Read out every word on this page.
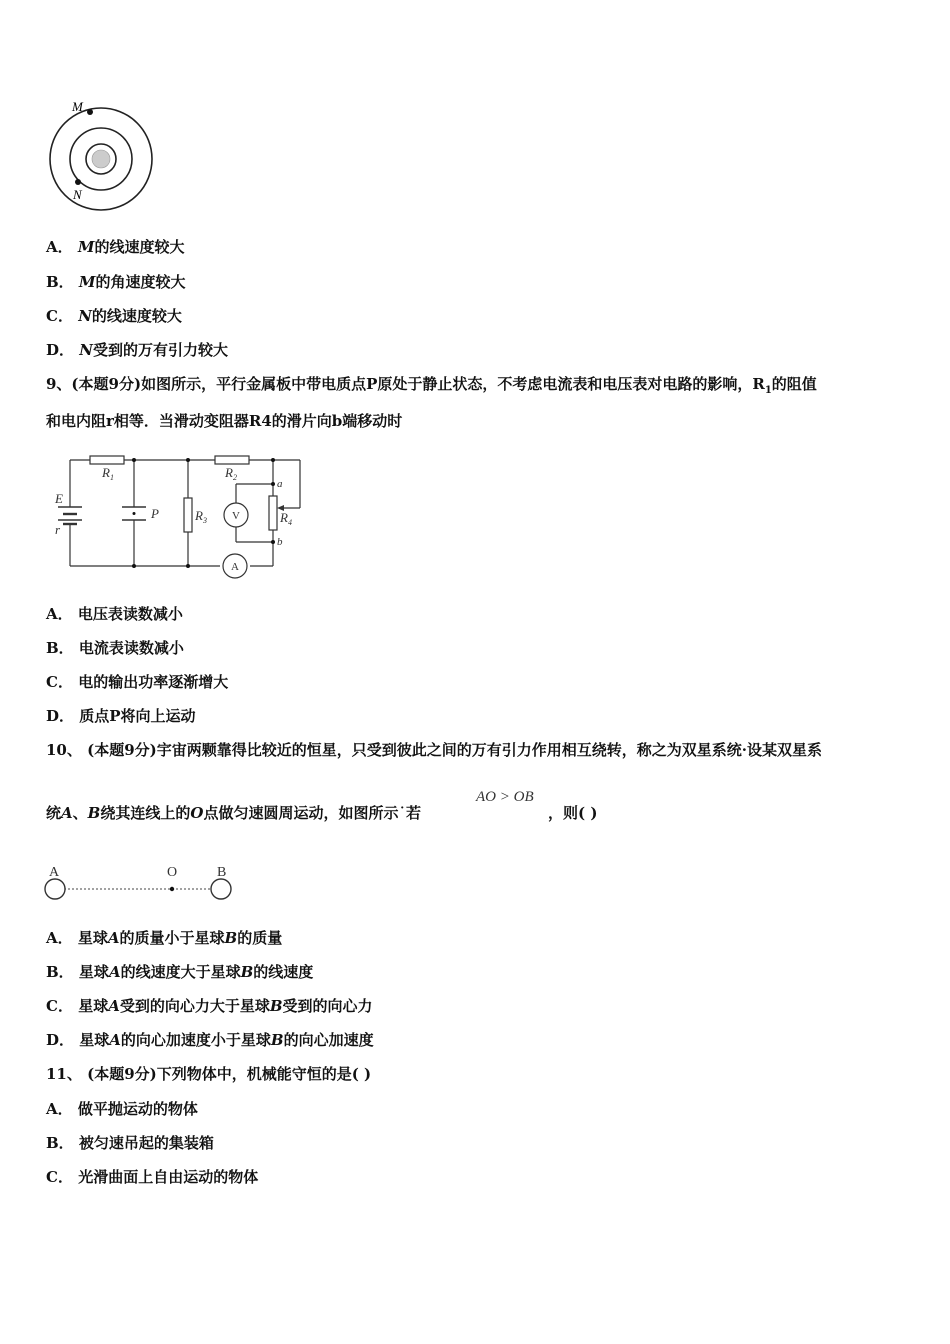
M
N
A． M的线速度较大
B． M的角速度较大
C． N的线速度较大
D． N受到的万有引力较大
9、(本题9分)如图所示，平行金属板中带电质点P原处于静止状态，不考虑电流表和电压表对电路的影响，$R_1$的阻值
和电内阻r相等．当滑动变阻器R4的滑片向b端移动时
$R_1$	$R_2$
$R_3$	$R_4$
E
r
P
a
b
V
A
A． 电压表读数减小
B． 电流表读数减小
C． 电的输出功率逐渐增大
D． 质点P将向上运动
10、 (本题9分)宇宙两颗靠得比较近的恒星，只受到彼此之间的万有引力作用相互绕转，称之为双星系统·设某双星系
统A、B绕其连线上的O点做匀速圆周运动，如图所示˙若
AO > OB
，则( )
A	O	B
A． 星球A的质量小于星球B的质量
B． 星球A的线速度大于星球B的线速度
C． 星球A受到的向心力大于星球B受到的向心力
D． 星球A的向心加速度小于星球B的向心加速度
11、 (本题9分)下列物体中，机械能守恒的是( )
A． 做平抛运动的物体
B． 被匀速吊起的集装箱
C． 光滑曲面上自由运动的物体
